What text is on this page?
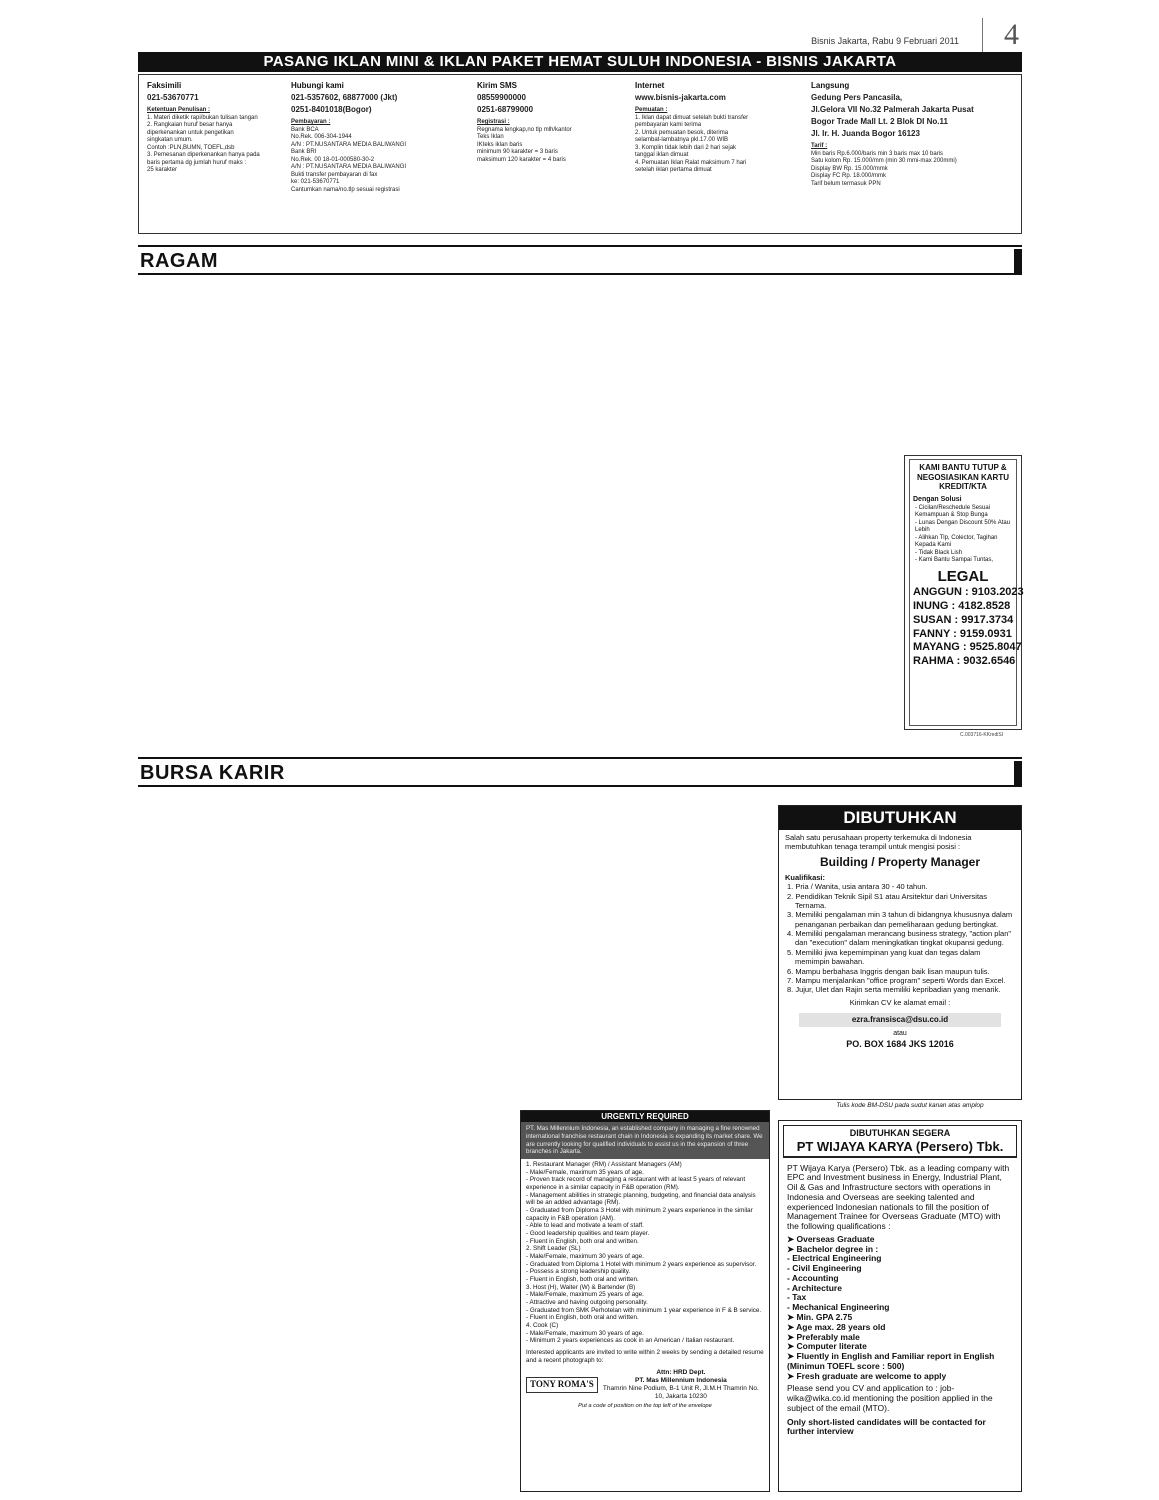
Bisnis Jakarta, Rabu 9 Februari 2011 4
PASANG IKLAN MINI & IKLAN PAKET HEMAT SULUH INDONESIA - BISNIS JAKARTA
Faksimili
021-53670771
Ketentuan Penulisan :
1. Materi diketik rapi/bukan tulisan tangan
2. Rangkaian huruf besar hanya
diperkenankan untuk pengetikan
singkatan umum.
Contoh :PLN,BUMN, TOEFL,dsb
3. Pemesanan diperkenankan hanya pada
baris pertama dg jumlah huruf maks :
25 karakter
Hubungi kami
021-5357602, 68877000 (Jkt)
0251-8401018(Bogor)
Pembayaran :
Bank BCA
No.Rek. 006-304-1944
A/N : PT.NUSANTARA MEDIA BALIWANGI
Bank BRI
No.Rek. 00 18-01-000580-30-2
A/N : PT.NUSANTARA MEDIA BALIWANGI
Bukti transfer pembayaran di fax
ke: 021-53670771
Cantumkan nama/no.tlp sesuai registrasi
Kirim SMS
08559900000
0251-68799000
Registrasi :
Regnama lengkap,no tlp mlh/kantor
Teks Iklan
IKteks iklan baris
minimum 90 karakter = 3 baris
maksimum 120 karakter = 4 baris
Internet
www.bisnis-jakarta.com
Pemuatan :
1. Iklan dapat dimuat setelah bukti transfer
pembayaran kami terima
2. Untuk pemuatan besok, diterima
selambat-lambatnya pkl.17.00 WIB
3. Komplin tidak lebih dari 2 hari sejak
tanggal iklan dimuat
4. Pemuatan Iklan Ralat maksimum 7 hari
setelah iklan pertama dimuat
Langsung
Gedung Pers Pancasila,
Jl.Gelora VII No.32 Palmerah Jakarta Pusat
Bogor Trade Mall Lt. 2 Blok DI No.11
Jl. Ir. H. Juanda Bogor 16123
Tarif :
Min baris Rp.6.000/baris min 3 baris max 10 baris
Satu kolom Rp. 15.000/mm (min 30 mmi-max 200mmi)
Display BW Rp. 15.000/mmk
Display FC Rp. 18.000/mmk
Tarif belum termasuk PPN
RAGAM
KAMI BANTU TUTUP & NEGOSIASIKAN KARTU KREDIT/KTA
Dengan Solusi
- Cicilan/Reschedule Sesuai Kemampuan & Stop Bunga
- Lunas Dengan Discount 50% Atau Lebih
- Alihkan Tlp, Colector, Tagihan Kepada Kami
- Tidak Black Lish
- Kami Bantu Sampai Tuntas,
LEGAL
ANGGUN : 9103.2023
INUNG : 4182.8528
SUSAN : 9917.3734
FANNY : 9159.0931
MAYANG : 9525.8047
RAHMA : 9032.6546
C.003716-KKrediSI
BURSA KARIR
DIBUTUHKAN
Salah satu perusahaan property terkemuka di Indonesia membutuhkan tenaga terampil untuk mengisi posisi :
Building / Property Manager
Kualifikasi:
1. Pria / Wanita, usia antara 30 - 40 tahun.
2. Pendidikan Teknik Sipil S1 atau Arsitektur dari Universitas Ternama.
3. Memiliki pengalaman min 3 tahun di bidangnya khususnya dalam penanganan perbaikan dan pemeliharaan gedung bertingkat.
4. Memiliki pengalaman merancang business strategy, "action plan" dan "execution" dalam meningkatkan tingkat okupansi gedung.
5. Memiliki jiwa kepemimpinan yang kuat dan tegas dalam memimpin bawahan.
6. Mampu berbahasa Inggris dengan baik lisan maupun tulis.
7. Mampu menjalankan "office program" seperti Words dan Excel.
8. Jujur, Ulet dan Rajin serta memiliki kepribadian yang menarik.
Kirimkan CV ke alamat email :
ezra.fransisca@dsu.co.id
atau
PO. BOX 1684 JKS 12016
Tulis kode BM-DSU pada sudut kanan atas amplop
URGENTLY REQUIRED
PT. Mas Millennium Indonesia, an established company in managing a fine renowned international franchise restaurant chain in Indonesia is expanding its market share. We are currently looking for qualified individuals to assist us in the expansion of three branches in Jakarta.
1. Restaurant Manager (RM) / Assistant Managers (AM)
- Male/Female, maximum 35 years of age.
- Proven track record of managing a restaurant with at least 5 years of relevant experience in a similar capacity in F&B operation (RM).
- Management abilities in strategic planning, budgeting, and financial data analysis will be an added advantage (RM).
- Graduated from Diploma 3 Hotel with minimum 2 years experience in the similar capacity in F&B operation (AM).
- Able to lead and motivate a team of staff.
- Good leadership qualities and team player.
- Fluent in English, both oral and written.
2. Shift Leader (SL)
- Male/Female, maximum 30 years of age.
- Graduated from Diploma 1 Hotel with minimum 2 years experience as supervisor.
- Possess a strong leadership quality.
- Fluent in English, both oral and written.
3. Host (H), Waiter (W) & Bartender (B)
- Male/Female, maximum 25 years of age.
- Attractive and having outgoing personality.
- Graduated from SMK Perhotelan with minimum 1 year experience in F & B service.
- Fluent in English, both oral and written.
4. Cook (C)
- Male/Female, maximum 30 years of age.
- Minimum 2 years experiences as cook in an American / Italian restaurant.
Interested applicants are invited to write within 2 weeks by sending a detailed resume and a recent photograph to:
TONY ROMA'S
Attn: HRD Dept.
PT. Mas Millennium Indonesia
Thamrin Nine Podium, B-1 Unit R, Jl.M.H Thamrin No. 10, Jakarta 10230
Put a code of position on the top left of the envelope
DIBUTUHKAN SEGERA
PT WIJAYA KARYA (Persero) Tbk.
PT Wijaya Karya (Persero) Tbk. as a leading company with EPC and Investment business in Energy, Industrial Plant, Oil & Gas and Infrastructure sectors with operations in Indonesia and Overseas are seeking talented and experienced Indonesian nationals to fill the position of Management Trainee for Overseas Graduate (MTO) with the following qualifications :
➤ Overseas Graduate
➤ Bachelor degree in :
- Electrical Engineering
- Civil Engineering
- Accounting
- Architecture
- Tax
- Mechanical Engineering
➤ Min. GPA 2.75
➤ Age max. 28 years old
➤ Preferably male
➤ Computer literate
➤ Fluently in English and Familiar report in English (Minimun TOEFL score : 500)
➤ Fresh graduate are welcome to apply
Please send you CV and application to : job-wika@wika.co.id mentioning the position applied in the subject of the email (MTO).
Only short-listed candidates will be contacted for further interview
